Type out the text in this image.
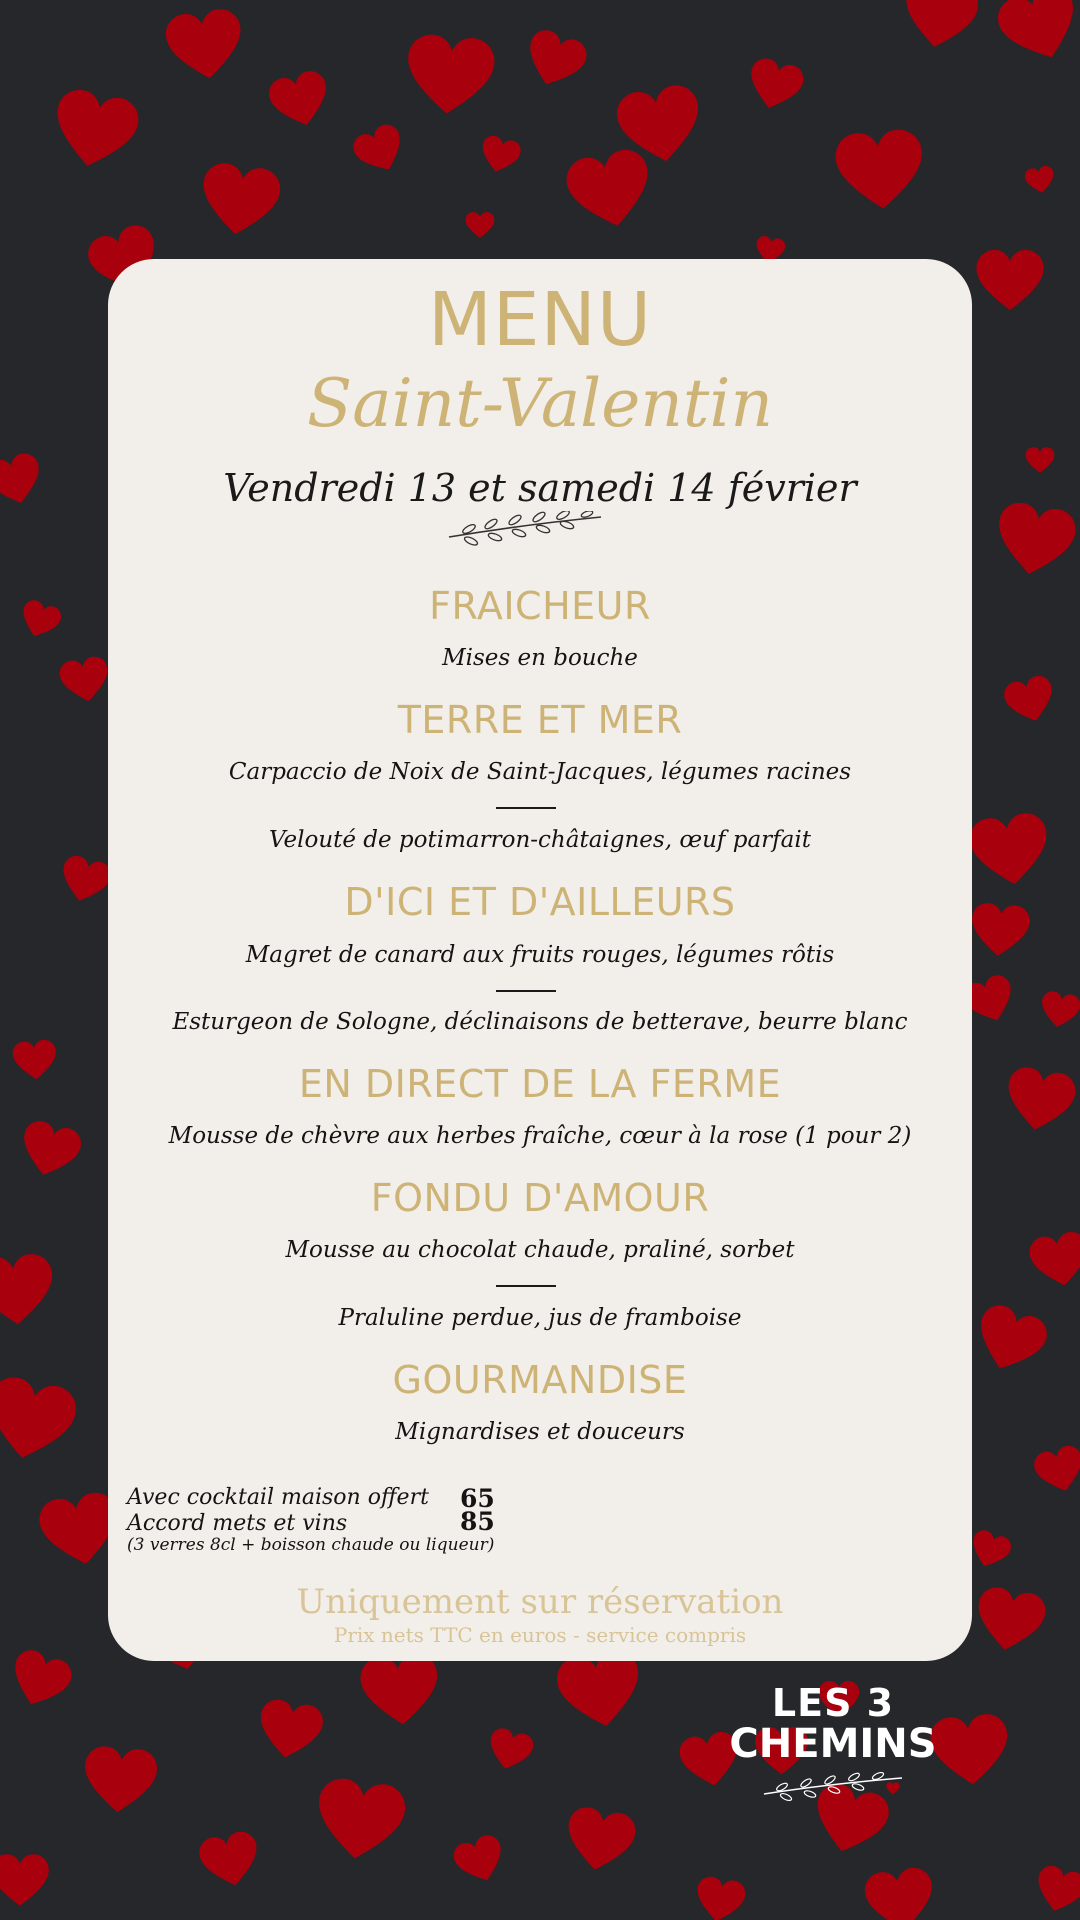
MENU
Saint-Valentin
Vendredi 13 et samedi 14 février
FRAICHEUR
Mises en bouche
TERRE ET MER
Carpaccio de Noix de Saint-Jacques, légumes racines
Velouté de potimarron-châtaignes, œuf parfait
D'ICI ET D'AILLEURS
Magret de canard aux fruits rouges, légumes rôtis
Esturgeon de Sologne, déclinaisons de betterave, beurre blanc
EN DIRECT DE LA FERME
Mousse de chèvre aux herbes fraîche, cœur à la rose (1 pour 2)
FONDU D'AMOUR
Mousse au chocolat chaude, praliné, sorbet
Praluline perdue, jus de framboise
GOURMANDISE
Mignardises et douceurs
Avec cocktail maison offert 65
Accord mets et vins	85
(3 verres 8cl + boisson chaude ou liqueur)
Uniquement sur réservation
Prix nets TTC en euros - service compris
LES 3
CHEMINS
